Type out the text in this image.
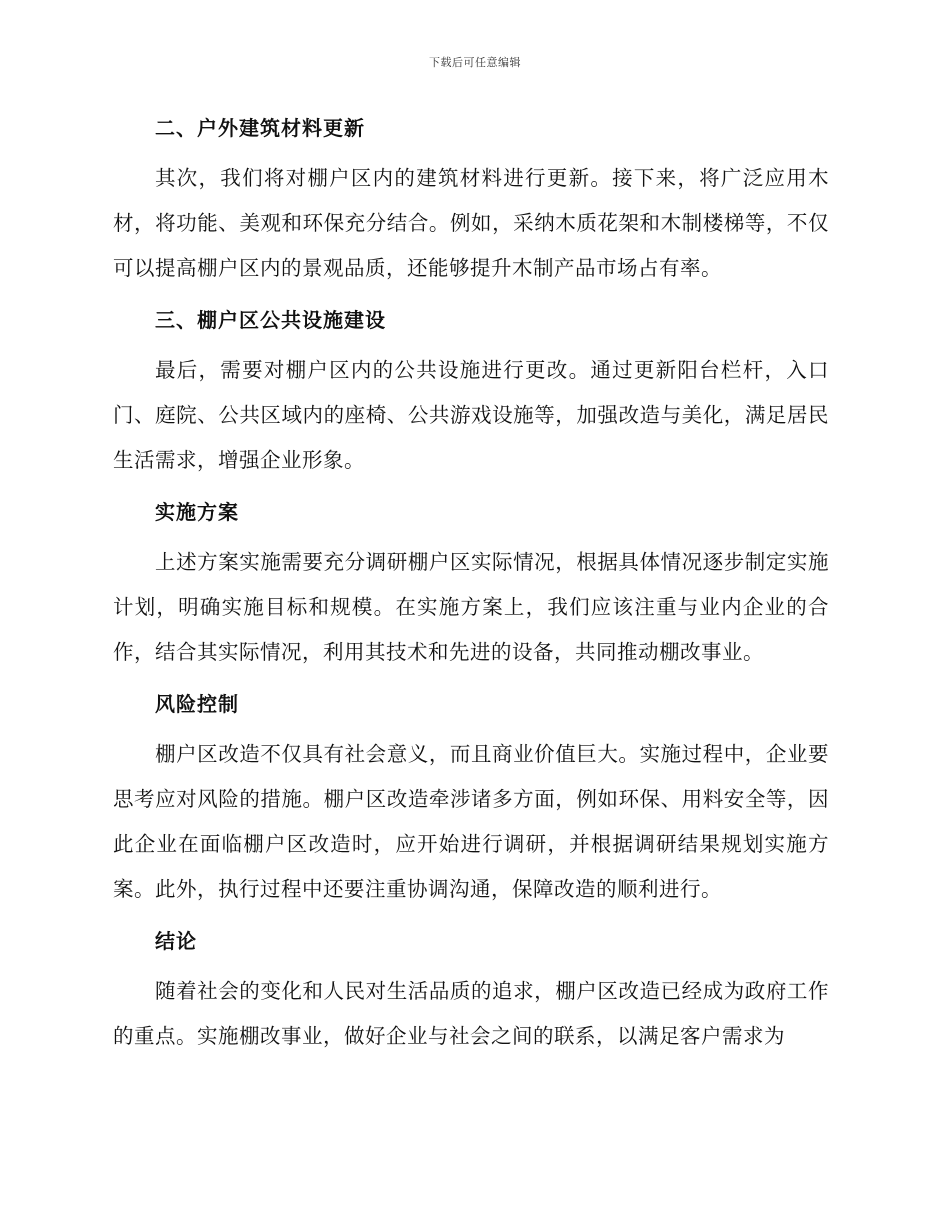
下载后可任意编辑
二、户外建筑材料更新

其次，我们将对棚户区内的建筑材料进行更新。接下来，将广泛应用木材，将功能、美观和环保充分结合。例如，采纳木质花架和木制楼梯等，不仅可以提高棚户区内的景观品质，还能够提升木制产品市场占有率。

三、棚户区公共设施建设

最后，需要对棚户区内的公共设施进行更改。通过更新阳台栏杆，入口门、庭院、公共区域内的座椅、公共游戏设施等，加强改造与美化，满足居民生活需求，增强企业形象。

实施方案

上述方案实施需要充分调研棚户区实际情况，根据具体情况逐步制定实施计划，明确实施目标和规模。在实施方案上，我们应该注重与业内企业的合作，结合其实际情况，利用其技术和先进的设备，共同推动棚改事业。

风险控制

棚户区改造不仅具有社会意义，而且商业价值巨大。实施过程中，企业要思考应对风险的措施。棚户区改造牵涉诸多方面，例如环保、用料安全等，因此企业在面临棚户区改造时，应开始进行调研，并根据调研结果规划实施方案。此外，执行过程中还要注重协调沟通，保障改造的顺利进行。

结论

随着社会的变化和人民对生活品质的追求，棚户区改造已经成为政府工作的重点。实施棚改事业，做好企业与社会之间的联系，以满足客户需求为
